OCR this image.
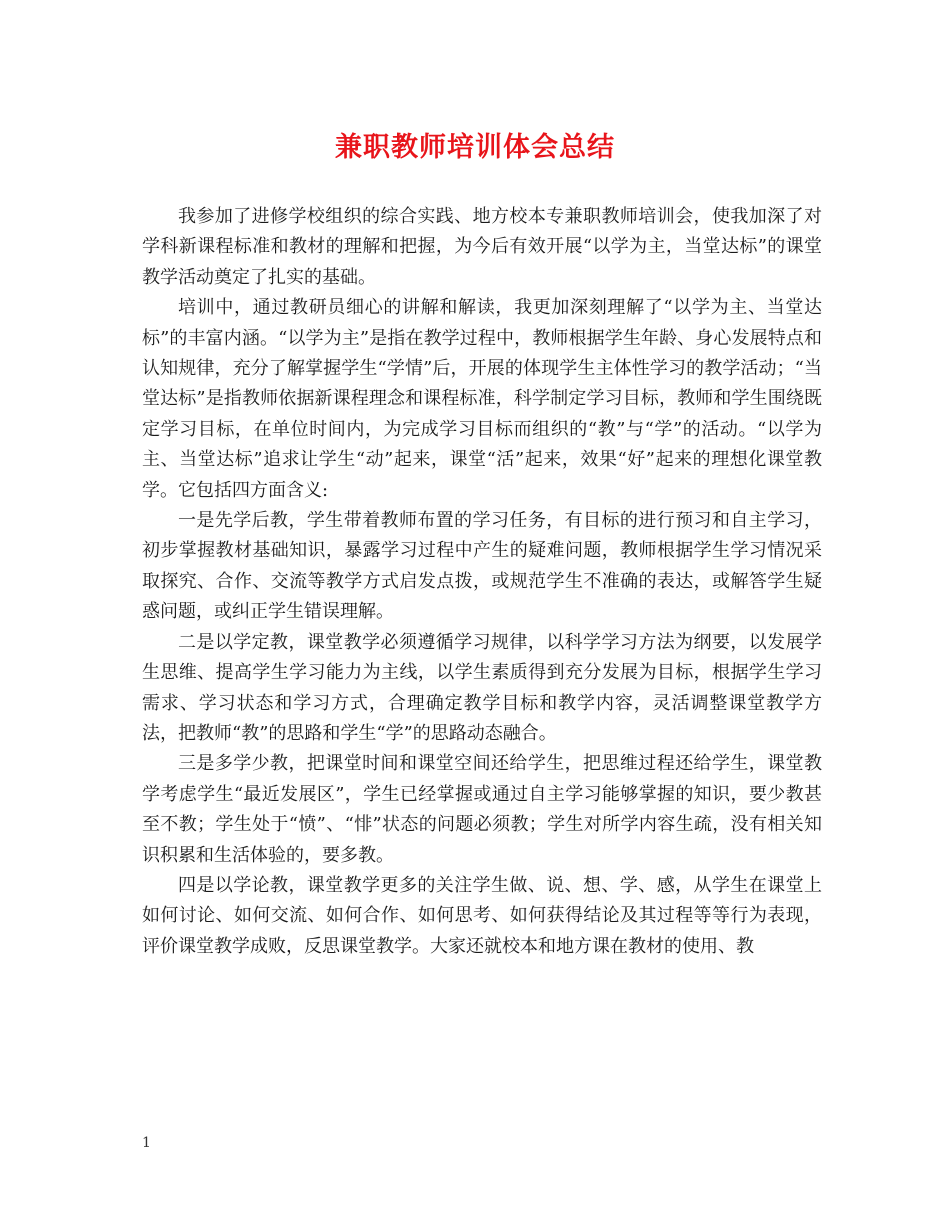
兼职教师培训体会总结

我参加了进修学校组织的综合实践、地方校本专兼职教师培训会，使我加深了对学科新课程标准和教材的理解和把握，为今后有效开展“以学为主，当堂达标”的课堂教学活动奠定了扎实的基础。

培训中，通过教研员细心的讲解和解读，我更加深刻理解了“以学为主、当堂达标”的丰富内涵。“以学为主”是指在教学过程中，教师根据学生年龄、身心发展特点和认知规律，充分了解掌握学生“学情”后，开展的体现学生主体性学习的教学活动；“当堂达标”是指教师依据新课程理念和课程标准，科学制定学习目标，教师和学生围绕既定学习目标，在单位时间内，为完成学习目标而组织的“教”与“学”的活动。“以学为主、当堂达标”追求让学生“动”起来，课堂“活”起来，效果“好”起来的理想化课堂教学。它包括四方面含义:

一是先学后教，学生带着教师布置的学习任务，有目标的进行预习和自主学习，初步掌握教材基础知识，暴露学习过程中产生的疑难问题，教师根据学生学习情况采取探究、合作、交流等教学方式启发点拨，或规范学生不准确的表达，或解答学生疑惑问题，或纠正学生错误理解。

二是以学定教，课堂教学必须遵循学习规律，以科学学习方法为纲要，以发展学生思维、提高学生学习能力为主线，以学生素质得到充分发展为目标，根据学生学习需求、学习状态和学习方式，合理确定教学目标和教学内容，灵活调整课堂教学方法，把教师“教”的思路和学生“学”的思路动态融合。

三是多学少教，把课堂时间和课堂空间还给学生，把思维过程还给学生，课堂教学考虑学生“最近发展区”，学生已经掌握或通过自主学习能够掌握的知识，要少教甚至不教；学生处于“愤”、“悱”状态的问题必须教；学生对所学内容生疏，没有相关知识积累和生活体验的，要多教。

四是以学论教，课堂教学更多的关注学生做、说、想、学、感，从学生在课堂上如何讨论、如何交流、如何合作、如何思考、如何获得结论及其过程等等行为表现，评价课堂教学成败，反思课堂教学。大家还就校本和地方课在教材的使用、教

1
